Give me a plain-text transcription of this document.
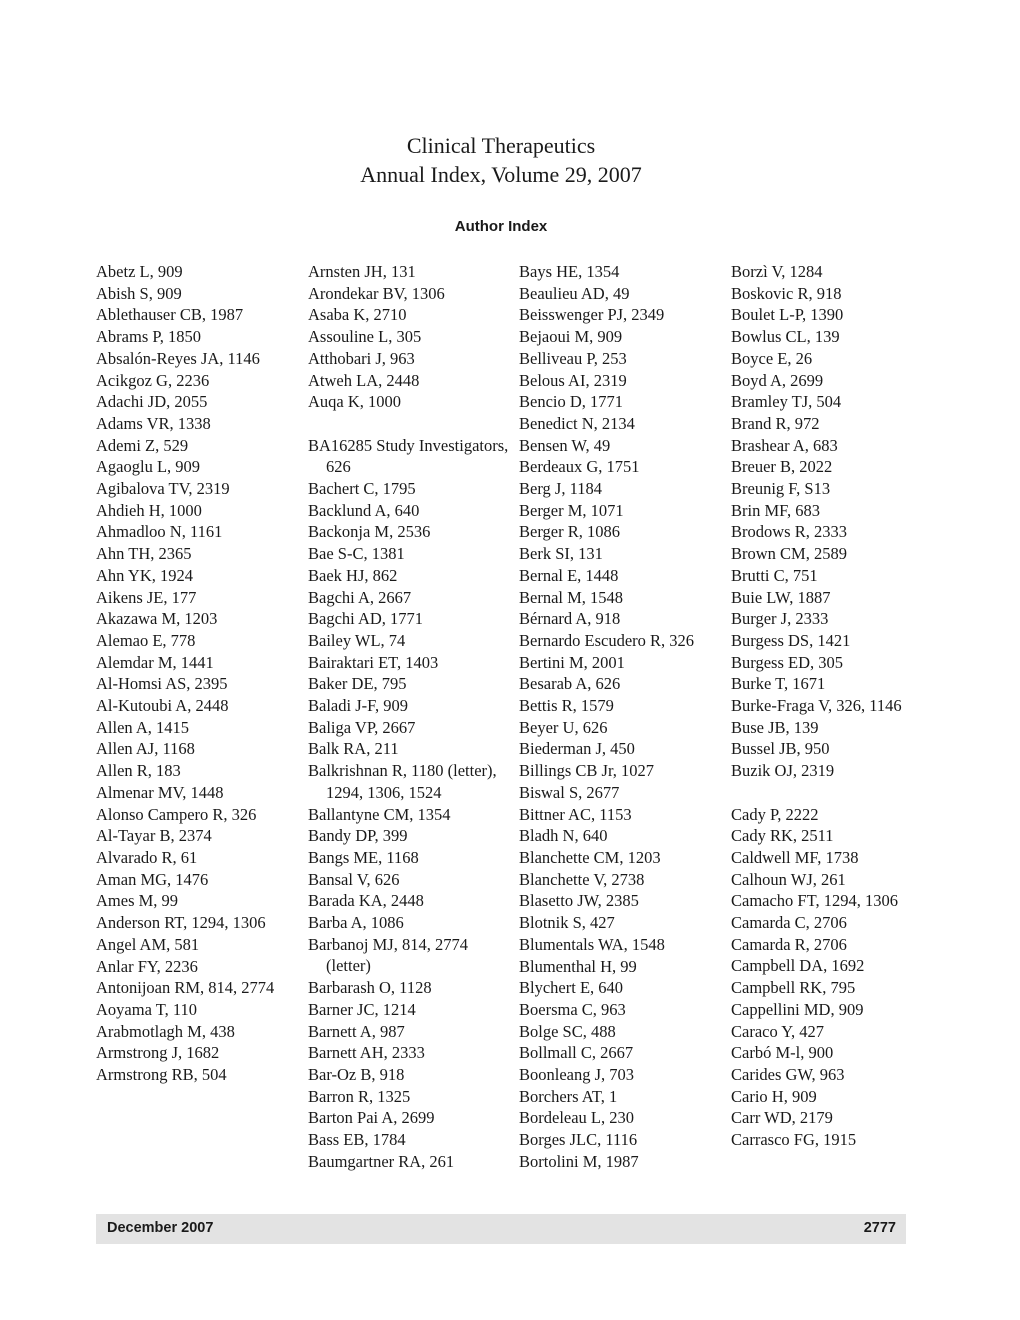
Clinical Therapeutics
Annual Index, Volume 29, 2007
Author Index
Abetz L, 909
Abish S, 909
Ablethauser CB, 1987
Abrams P, 1850
Absalón-Reyes JA, 1146
Acikgoz G, 2236
Adachi JD, 2055
Adams VR, 1338
Ademi Z, 529
Agaoglu L, 909
Agibalova TV, 2319
Ahdieh H, 1000
Ahmadloo N, 1161
Ahn TH, 2365
Ahn YK, 1924
Aikens JE, 177
Akazawa M, 1203
Alemao E, 778
Alemdar M, 1441
Al-Homsi AS, 2395
Al-Kutoubi A, 2448
Allen A, 1415
Allen AJ, 1168
Allen R, 183
Almenar MV, 1448
Alonso Campero R, 326
Al-Tayar B, 2374
Alvarado R, 61
Aman MG, 1476
Ames M, 99
Anderson RT, 1294, 1306
Angel AM, 581
Anlar FY, 2236
Antonijoan RM, 814, 2774
Aoyama T, 110
Arabmotlagh M, 438
Armstrong J, 1682
Armstrong RB, 504
Arnsten JH, 131
Arondekar BV, 1306
Asaba K, 2710
Assouline L, 305
Atthobari J, 963
Atweh LA, 2448
Auqa K, 1000
BA16285 Study Investigators, 626
Bachert C, 1795
Backlund A, 640
Backonja M, 2536
Bae S-C, 1381
Baek HJ, 862
Bagchi A, 2667
Bagchi AD, 1771
Bailey WL, 74
Bairaktari ET, 1403
Baker DE, 795
Baladi J-F, 909
Baliga VP, 2667
Balk RA, 211
Balkrishnan R, 1180 (letter), 1294, 1306, 1524
Ballantyne CM, 1354
Bandy DP, 399
Bangs ME, 1168
Bansal V, 626
Barada KA, 2448
Barba A, 1086
Barbanoj MJ, 814, 2774 (letter)
Barbarash O, 1128
Barner JC, 1214
Barnett A, 987
Barnett AH, 2333
Bar-Oz B, 918
Barron R, 1325
Barton Pai A, 2699
Bass EB, 1784
Baumgartner RA, 261
Bays HE, 1354
Beaulieu AD, 49
Beisswenger PJ, 2349
Bejaoui M, 909
Belliveau P, 253
Belous AI, 2319
Bencio D, 1771
Benedict N, 2134
Bensen W, 49
Berdeaux G, 1751
Berg J, 1184
Berger M, 1071
Berger R, 1086
Berk SI, 131
Bernal E, 1448
Bernal M, 1548
Bérnard A, 918
Bernardo Escudero R, 326
Bertini M, 2001
Besarab A, 626
Bettis R, 1579
Beyer U, 626
Biederman J, 450
Billings CB Jr, 1027
Biswal S, 2677
Bittner AC, 1153
Bladh N, 640
Blanchette CM, 1203
Blanchette V, 2738
Blasetto JW, 2385
Blotnik S, 427
Blumentals WA, 1548
Blumenthal H, 99
Blychert E, 640
Boersma C, 963
Bolge SC, 488
Bollmall C, 2667
Boonleang J, 703
Borchers AT, 1
Bordeleau L, 230
Borges JLC, 1116
Bortolini M, 1987
Borzì V, 1284
Boskovic R, 918
Boulet L-P, 1390
Bowlus CL, 139
Boyce E, 26
Boyd A, 2699
Bramley TJ, 504
Brand R, 972
Brashear A, 683
Breuer B, 2022
Breunig F, S13
Brin MF, 683
Brodows R, 2333
Brown CM, 2589
Brutti C, 751
Buie LW, 1887
Burger J, 2333
Burgess DS, 1421
Burgess ED, 305
Burke T, 1671
Burke-Fraga V, 326, 1146
Buse JB, 139
Bussel JB, 950
Buzik OJ, 2319
Cady P, 2222
Cady RK, 2511
Caldwell MF, 1738
Calhoun WJ, 261
Camacho FT, 1294, 1306
Camarda C, 2706
Camarda R, 2706
Campbell DA, 1692
Campbell RK, 795
Cappellini MD, 909
Caraco Y, 427
Carbó M-l, 900
Carides GW, 963
Cario H, 909
Carr WD, 2179
Carrasco FG, 1915
December 2007	2777
